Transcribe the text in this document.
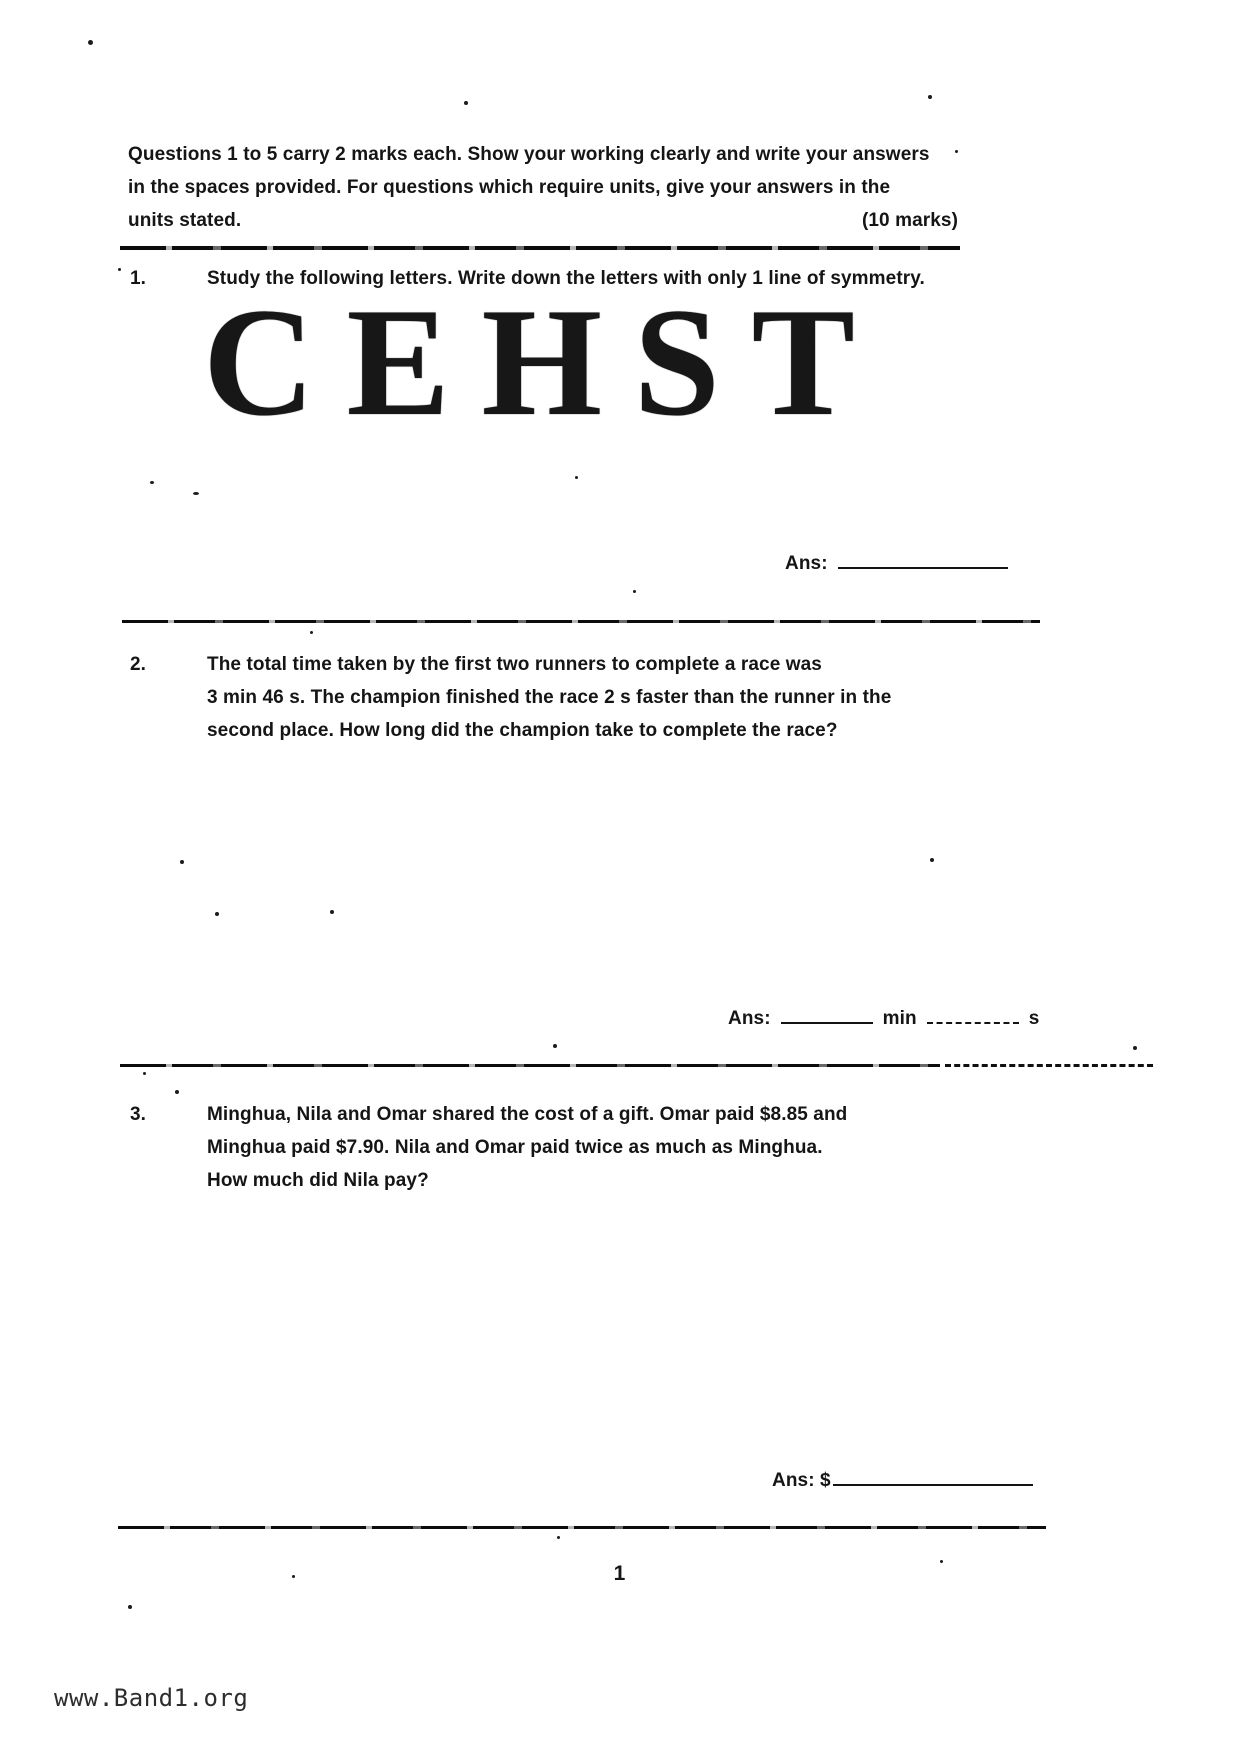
Questions 1 to 5 carry 2 marks each. Show your working clearly and write your answers
in the spaces provided. For questions which require units, give your answers in the
units stated.	(10 marks)
1.	Study the following letters. Write down the letters with only 1 line of symmetry.
C E H S T
Ans:
2.	The total time taken by the first two runners to complete a race was
3 min 46 s. The champion finished the race 2 s faster than the runner in the
second place. How long did the champion take to complete the race?
Ans:	min	s
3.	Minghua, Nila and Omar shared the cost of a gift. Omar paid $8.85 and
Minghua paid $7.90. Nila and Omar paid twice as much as Minghua.
How much did Nila pay?
Ans: $
1
www.Band1.org
